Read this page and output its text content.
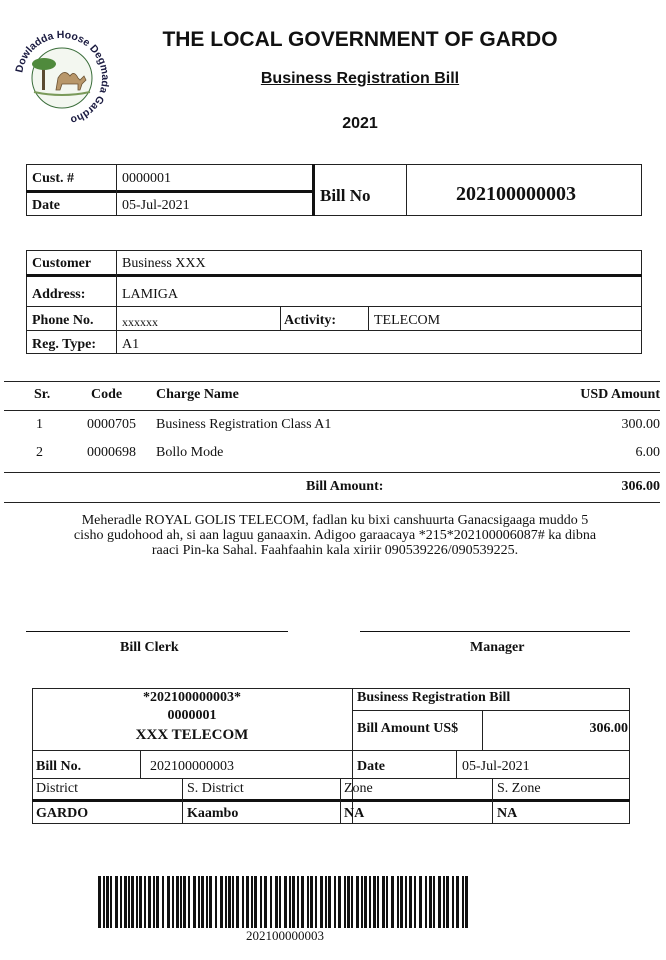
Dowladda Hoose Degmada Gardho
THE LOCAL GOVERNMENT OF GARDO
Business Registration Bill
2021
Cust. #	0000001
Date	05-Jul-2021
Bill No	202100000003
Customer Business XXX
Address:	LAMIGA
Phone No. xxxxxx	Activity:	TELECOM
Reg. Type: A1
Sr.	Code Charge Name	USD Amount
1	0000705 Business Registration Class A1	300.00
2	0000698 Bollo Mode	6.00
Bill Amount:	306.00
Meheradle ROYAL GOLIS TELECOM, fadlan ku bixi canshuurta Ganacsigaaga muddo 5
cisho gudohood ah, si aan laguu ganaaxin. Adigoo garaacaya *215*202100006087# ka dibna
raaci Pin-ka Sahal. Faahfaahin kala xiriir 090539226/090539225.
Bill Clerk	Manager
*202100000003*
0000001
XXX TELECOM
Business Registration Bill
Bill Amount US$	306.00
Bill No.	202100000003	Date	05-Jul-2021
District	S. District	Zone	S. Zone
GARDO	Kaambo	NA	NA
202100000003
